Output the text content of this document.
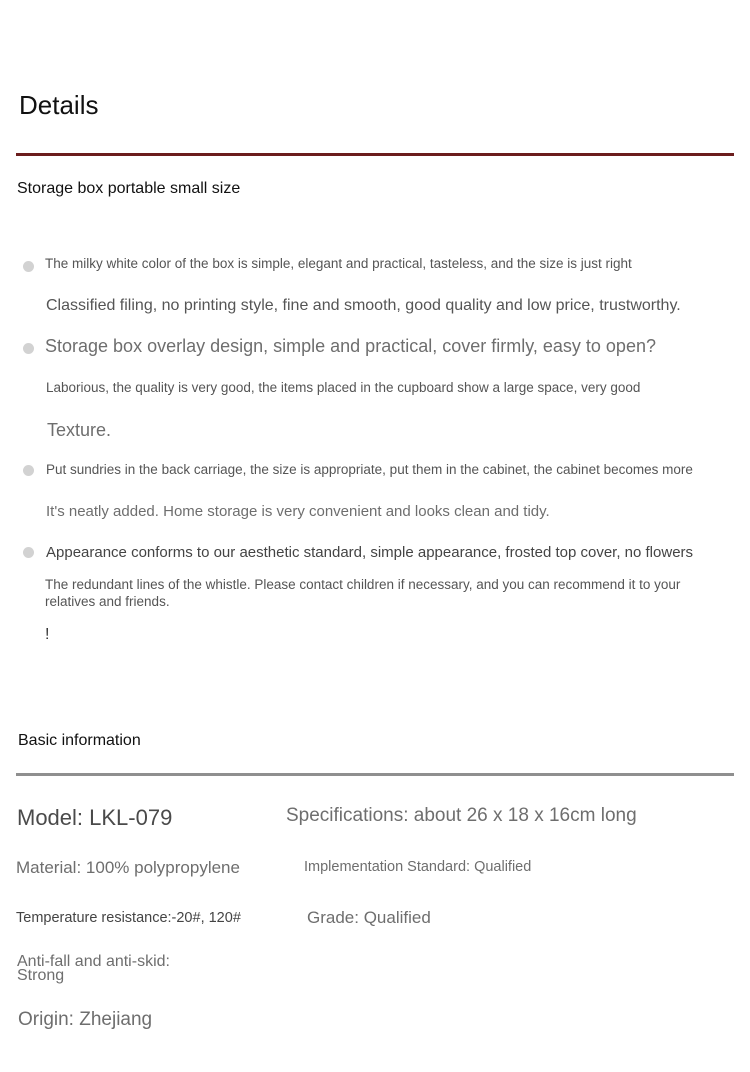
Details
Storage box portable small size
The milky white color of the box is simple, elegant and practical, tasteless, and the size is just right
Classified filing, no printing style, fine and smooth, good quality and low price, trustworthy.
Storage box overlay design, simple and practical, cover firmly, easy to open?
Laborious, the quality is very good, the items placed in the cupboard show a large space, very good
Texture.
Put sundries in the back carriage, the size is appropriate, put them in the cabinet, the cabinet becomes more
It's neatly added. Home storage is very convenient and looks clean and tidy.
Appearance conforms to our aesthetic standard, simple appearance, frosted top cover, no flowers
The redundant lines of the whistle. Please contact children if necessary, and you can recommend it to your relatives and friends.
!
Basic information
Model: LKL-079	Specifications: about 26 x 18 x 16cm long
Material: 100% polypropylene	Implementation Standard: Qualified
Temperature resistance:-20#, 120#	Grade: Qualified
Anti-fall and anti-skid:
Strong
Origin: Zhejiang
